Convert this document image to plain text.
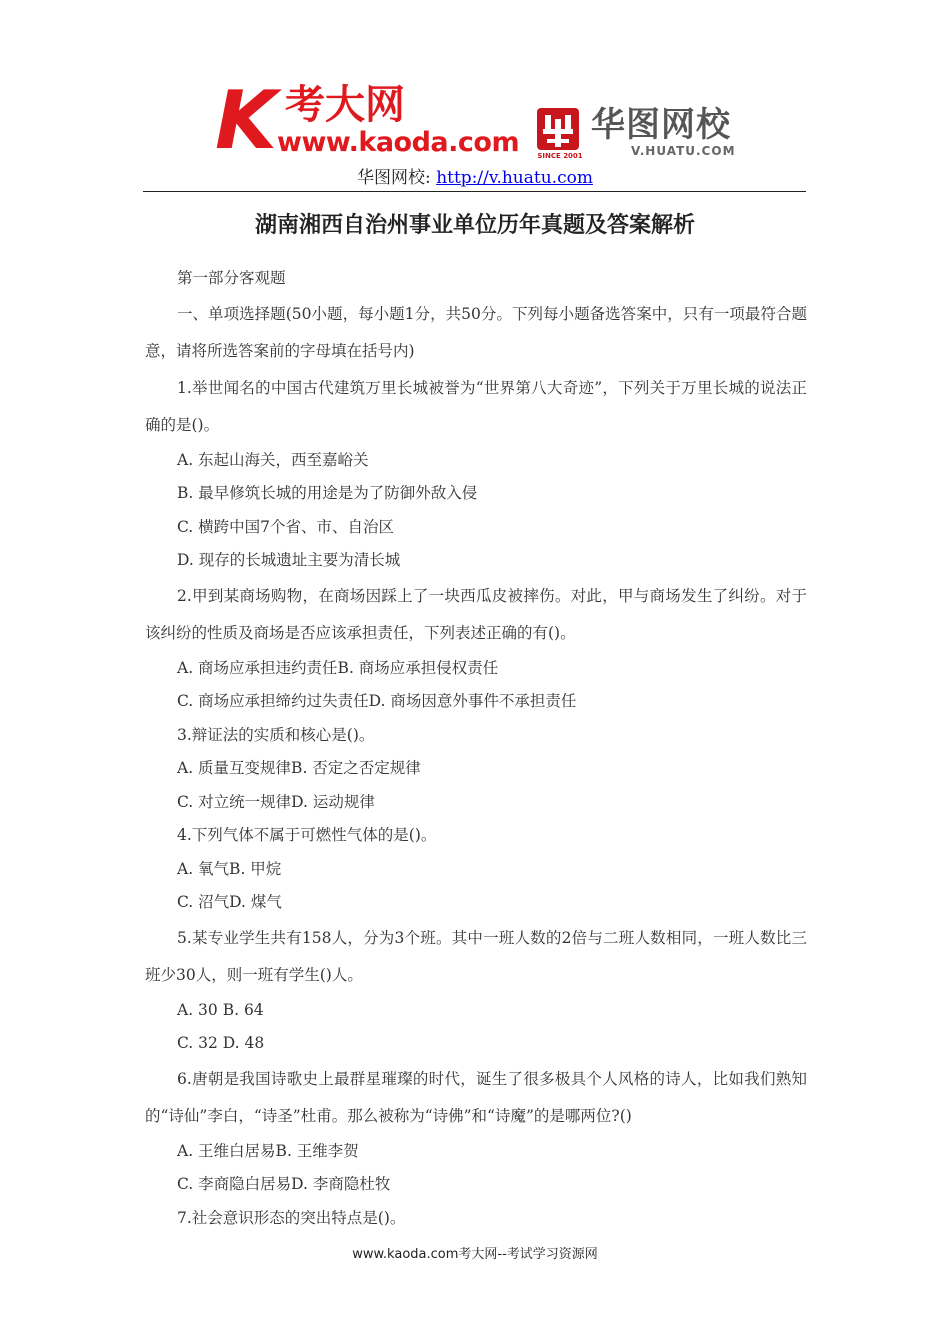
K 考大网
www.kaoda.com	SINCE 2001
华图网校
V.HUATU.COM
华图网校: http://v.huatu.com
湖南湘西自治州事业单位历年真题及答案解析

第一部分客观题

一、单项选择题(50小题，每小题1分，共50分。下列每小题备选答案中，只有一项最符合题意，请将所选答案前的字母填在括号内)

1.举世闻名的中国古代建筑万里长城被誉为“世界第八大奇迹”，下列关于万里长城的说法正确的是()。

A. 东起山海关，西至嘉峪关

B. 最早修筑长城的用途是为了防御外敌入侵

C. 横跨中国7个省、市、自治区

D. 现存的长城遗址主要为清长城

2.甲到某商场购物，在商场因踩上了一块西瓜皮被摔伤。对此，甲与商场发生了纠纷。对于该纠纷的性质及商场是否应该承担责任，下列表述正确的有()。

A. 商场应承担违约责任B. 商场应承担侵权责任

C. 商场应承担缔约过失责任D. 商场因意外事件不承担责任

3.辩证法的实质和核心是()。

A. 质量互变规律B. 否定之否定规律

C. 对立统一规律D. 运动规律

4.下列气体不属于可燃性气体的是()。

A. 氧气B. 甲烷

C. 沼气D. 煤气

5.某专业学生共有158人，分为3个班。其中一班人数的2倍与二班人数相同，一班人数比三班少30人，则一班有学生()人。

A. 30 B. 64

C. 32 D. 48

6.唐朝是我国诗歌史上最群星璀璨的时代，诞生了很多极具个人风格的诗人，比如我们熟知的“诗仙”李白，“诗圣”杜甫。那么被称为“诗佛”和“诗魔”的是哪两位?()

A. 王维白居易B. 王维李贺

C. 李商隐白居易D. 李商隐杜牧

7.社会意识形态的突出特点是()。

www.kaoda.com考大网--考试学习资源网
